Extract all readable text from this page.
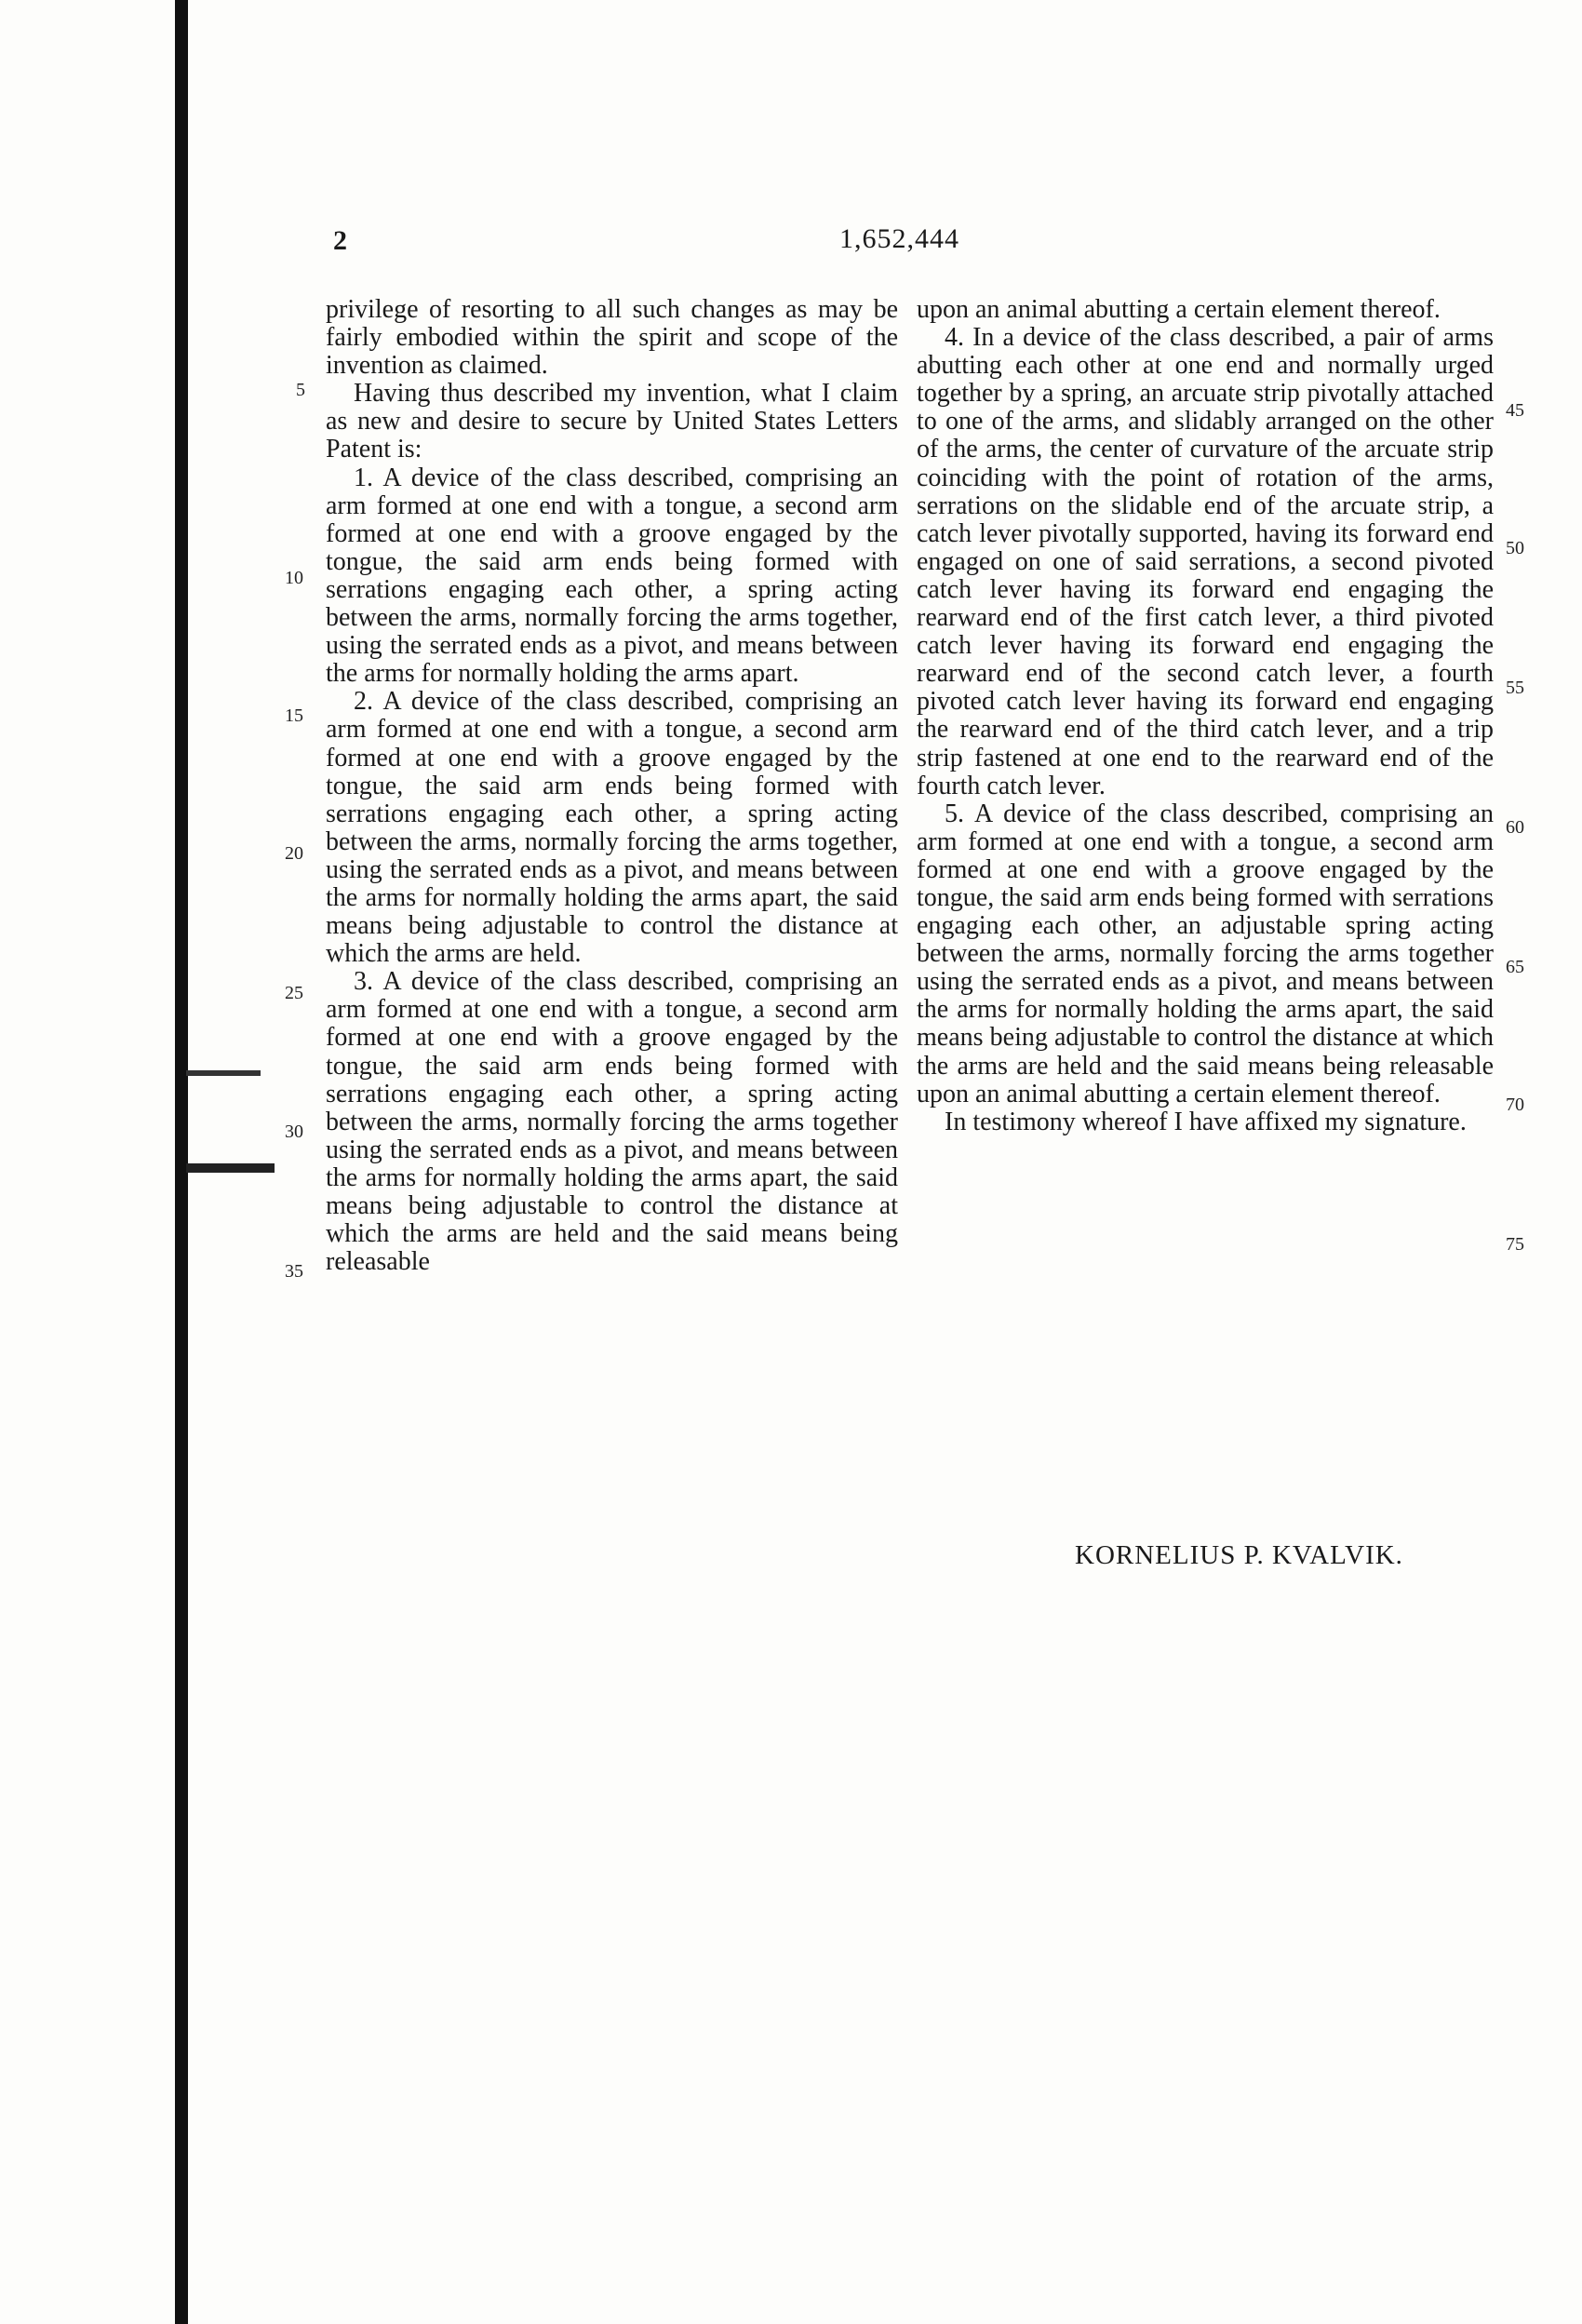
2	1,652,444

privilege of resorting to all such changes as may be fairly embodied within the spirit and scope of the invention as claimed.

Having thus described my invention, what I claim as new and desire to secure by United States Letters Patent is:

1. A device of the class described, comprising an arm formed at one end with a tongue, a second arm formed at one end with a groove engaged by the tongue, the said arm ends being formed with serrations engaging each other, a spring acting between the arms, normally forcing the arms together, using the serrated ends as a pivot, and means between the arms for normally holding the arms apart.

2. A device of the class described, comprising an arm formed at one end with a tongue, a second arm formed at one end with a groove engaged by the tongue, the said arm ends being formed with serrations engaging each other, a spring acting between the arms, normally forcing the arms together, using the serrated ends as a pivot, and means between the arms for normally holding the arms apart, the said means being adjustable to control the distance at which the arms are held.

3. A device of the class described, comprising an arm formed at one end with a tongue, a second arm formed at one end with a groove engaged by the tongue, the said arm ends being formed with serrations engaging each other, a spring acting between the arms, normally forcing the arms together using the serrated ends as a pivot, and means between the arms for normally holding the arms apart, the said means being adjustable to control the distance at which the arms are held and the said means being releasable

upon an animal abutting a certain element thereof.

4. In a device of the class described, a pair of arms abutting each other at one end and normally urged together by a spring, an arcuate strip pivotally attached to one of the arms, and slidably arranged on the other of the arms, the center of curvature of the arcuate strip coinciding with the point of rotation of the arms, serrations on the slidable end of the arcuate strip, a catch lever pivotally supported, having its forward end engaged on one of said serrations, a second pivoted catch lever having its forward end engaging the rearward end of the first catch lever, a third pivoted catch lever having its forward end engaging the rearward end of the second catch lever, a fourth pivoted catch lever having its forward end engaging the rearward end of the third catch lever, and a trip strip fastened at one end to the rearward end of the fourth catch lever.

5. A device of the class described, comprising an arm formed at one end with a tongue, a second arm formed at one end with a groove engaged by the tongue, the said arm ends being formed with serrations engaging each other, an adjustable spring acting between the arms, normally forcing the arms together using the serrated ends as a pivot, and means between the arms for normally holding the arms apart, the said means being adjustable to control the distance at which the arms are held and the said means being releasable upon an animal abutting a certain element thereof.

In testimony whereof I have affixed my signature.

KORNELIUS P. KVALVIK.
5
10
15
20
25
30
35
45
50
55
60
65
70
75
